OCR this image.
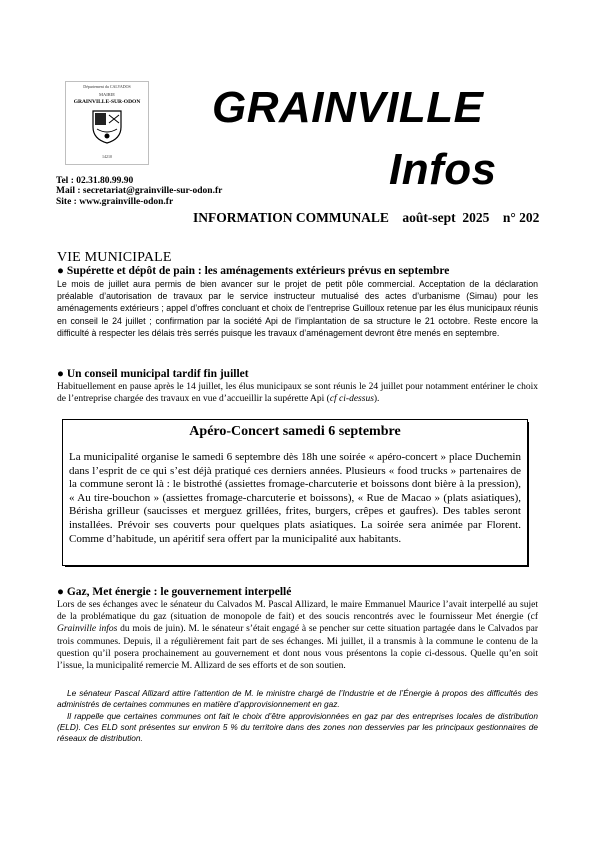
Département du CALVADOS
MAIRIE
GRAINVILLE-SUR-ODON
14210
GRAINVILLE
Infos
Tel : 02.31.80.99.90
Mail : secretariat@grainville-sur-odon.fr
Site : www.grainville-odon.fr
INFORMATION COMMUNALE août-sept  2025 n° 202
VIE MUNICIPALE
● Supérette et dépôt de pain : les aménagements extérieurs prévus en septembre
Le mois de juillet aura permis de bien avancer sur le projet de petit pôle commercial. Acceptation de la déclaration préalable d’autorisation de travaux par le service instructeur mutualisé des actes d’urbanisme (Simau) pour les aménagements extérieurs ; appel d’offres concluant et choix de l’entreprise Guilloux retenue par les élus municipaux réunis en conseil le 24 juillet ; confirmation par la société Api de l’implantation de sa structure le 21 octobre. Reste encore la difficulté à respecter les délais très serrés puisque les travaux d’aménagement devront être menés en septembre.
● Un conseil municipal tardif fin juillet
Habituellement en pause après le 14 juillet, les élus municipaux se sont réunis le 24 juillet pour notamment entériner le choix de l’entreprise chargée des travaux en vue d’accueillir la supérette Api (cf ci-dessus).
Apéro-Concert samedi 6 septembre
La municipalité organise le samedi 6 septembre dès 18h une soirée « apéro-concert » place Duchemin dans l’esprit de ce qui s’est déjà pratiqué ces derniers années. Plusieurs « food trucks » partenaires de la commune seront là : le bistrothé (assiettes fromage-charcuterie et boissons dont bière à la pression), « Au tire-bouchon » (assiettes fromage-charcuterie et boissons), « Rue de Macao » (plats asiatiques), Bérisha grilleur (saucisses et merguez grillées, frites, burgers, crêpes et gaufres). Des tables seront installées. Prévoir ses couverts pour quelques plats asiatiques. La soirée sera animée par Florent. Comme d’habitude, un apéritif sera offert par la municipalité aux habitants.
● Gaz, Met énergie : le gouvernement interpellé
Lors de ses échanges avec le sénateur du Calvados M. Pascal Allizard, le maire Emmanuel Maurice l’avait interpellé au sujet de la problématique du gaz (situation de monopole de fait) et des soucis rencontrés avec le fournisseur Met énergie (cf Grainville infos du mois de juin). M. le sénateur s’était engagé à se pencher sur cette situation partagée dans le Calvados par trois communes. Depuis, il a régulièrement fait part de ses échanges. Mi juillet, il a transmis à la commune le contenu de la question qu’il posera prochainement au gouvernement et dont nous vous présentons la copie ci-dessous. Quelle qu’en soit l’issue, la municipalité remercie M. Allizard de ses efforts et de son soutien.
Le sénateur Pascal Allizard attire l’attention de M. le ministre chargé de l’Industrie et de l’Énergie à propos des difficultés des administrés de certaines communes en matière d’approvisionnement en gaz.
Il rappelle que certaines communes ont fait le choix d’être approvisionnées en gaz par des entreprises locales de distribution (ELD). Ces ELD sont présentes sur environ 5 % du territoire dans des zones non desservies par les principaux gestionnaires de réseaux de distribution.
